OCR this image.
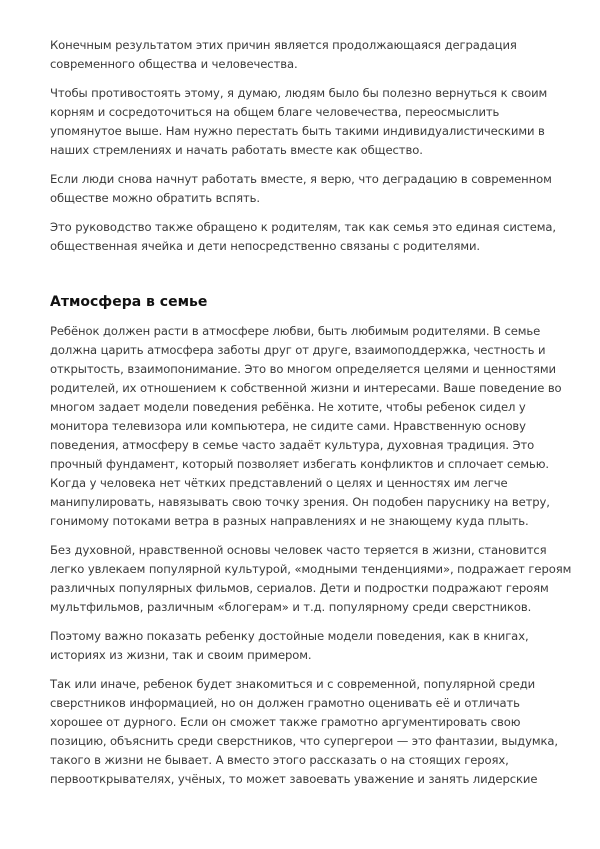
Конечным результатом этих причин является продолжающаяся деградация
современного общества и человечества.
Чтобы противостоять этому, я думаю, людям было бы полезно вернуться к своим
корням и сосредоточиться на общем благе человечества, переосмыслить
упомянутое выше. Нам нужно перестать быть такими индивидуалистическими в
наших стремлениях и начать работать вместе как общество.
Если люди снова начнут работать вместе, я верю, что деградацию в современном
обществе можно обратить вспять.
Это руководство также обращено к родителям, так как семья это единая система,
общественная ячейка и дети непосредственно связаны с родителями.
Атмосфера в семье
Ребёнок должен расти в атмосфере любви, быть любимым родителями. В семье
должна царить атмосфера заботы друг от друге, взаимоподдержка, честность и
открытость, взаимопонимание. Это во многом определяется целями и ценностями
родителей, их отношением к собственной жизни и интересами. Ваше поведение во
многом задает модели поведения ребёнка. Не хотите, чтобы ребенок сидел у
монитора телевизора или компьютера, не сидите сами. Нравственную основу
поведения, атмосферу в семье часто задаёт культура, духовная традиция. Это
прочный фундамент, который позволяет избегать конфликтов и сплочает семью.
Когда у человека нет чётких представлений о целях и ценностях им легче
манипулировать, навязывать свою точку зрения. Он подобен паруснику на ветру,
гонимому потоками ветра в разных направлениях и не знающему куда плыть.
Без духовной, нравственной основы человек часто теряется в жизни, становится
легко увлекаем популярной культурой, «модными тенденциями», подражает героям
различных популярных фильмов, сериалов. Дети и подростки подражают героям
мультфильмов, различным «блогерам» и т.д. популярному среди сверстников.
Поэтому важно показать ребенку достойные модели поведения, как в книгах,
историях из жизни, так и своим примером.
Так или иначе, ребенок будет знакомиться и с современной, популярной среди
сверстников информацией, но он должен грамотно оценивать её и отличать
хорошее от дурного. Если он сможет также грамотно аргументировать свою
позицию, объяснить среди сверстников, что супергерои — это фантазии, выдумка,
такого в жизни не бывает. А вместо этого рассказать о на стоящих героях,
первооткрывателях, учёных, то может завоевать уважение и занять лидерские
